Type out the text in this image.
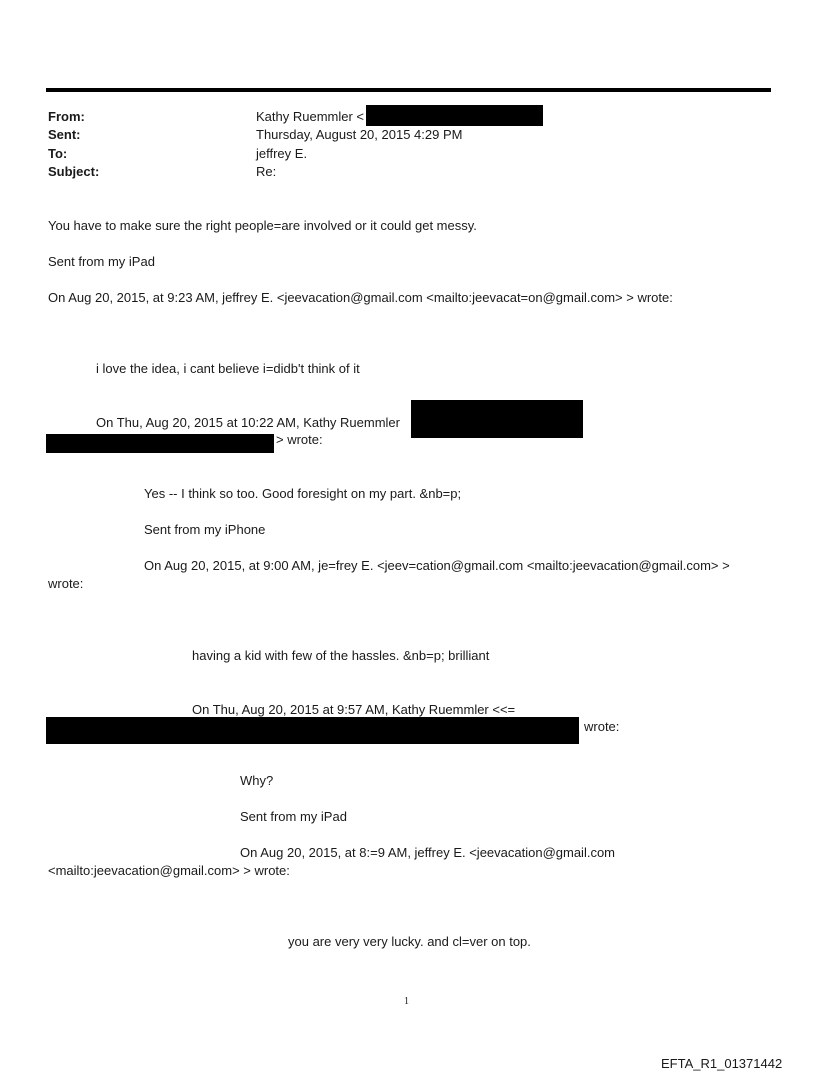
From:	Kathy Ruemmler <
Sent:	Thursday, August 20, 2015 4:29 PM
To:	jeffrey E.
Subject:	Re:
You have to make sure the right people=are involved or it could get messy.
Sent from my iPad
On Aug 20, 2015, at 9:23 AM, jeffrey E. <jeevacation@gmail.com <mailto:jeevacat=on@gmail.com> > wrote:
i love the idea, i cant believe i=didb't think of it
On Thu, Aug 20, 2015 at 10:22 AM, Kathy Ruemmler
> wrote:
Yes -- I think so too. Good foresight on my part. &nb=p;
Sent from my iPhone
On Aug 20, 2015, at 9:00 AM, je=frey E. <jeev=cation@gmail.com <mailto:jeevacation@gmail.com> >
wrote:
having a kid with few of the hassles. &nb=p; brilliant
On Thu, Aug 20, 2015 at 9:57 AM, Kathy Ruemmler <<=
wrote:
Why?
Sent from my iPad
On Aug 20, 2015, at 8:=9 AM, jeffrey E. <jeevacation@gmail.com
<mailto:jeevacation@gmail.com> > wrote:
you are very very lucky. and cl=ver on top.
1
EFTA_R1_01371442
